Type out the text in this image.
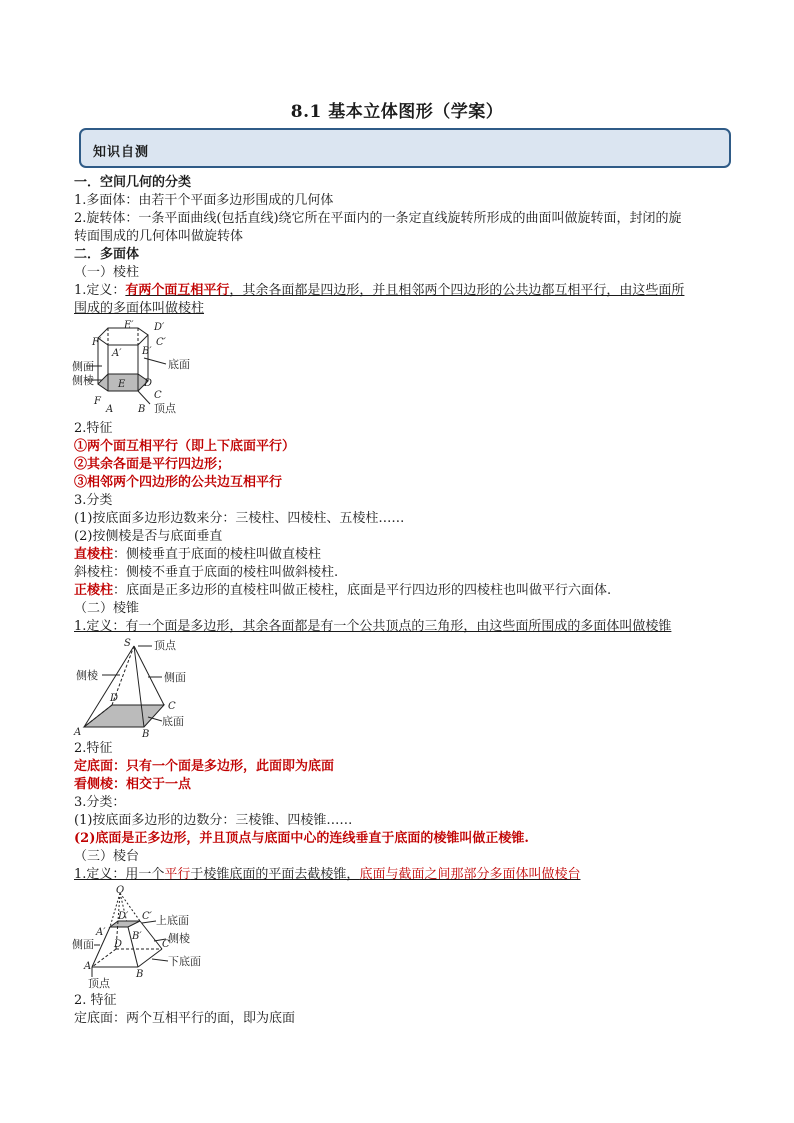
8.1 基本立体图形（学案）
知识自测
一．空间几何的分类
1.多面体：由若干个平面多边形围成的几何体
2.旋转体：一条平面曲线(包括直线)绕它所在平面内的一条定直线旋转所形成的曲面叫做旋转面，封闭的旋
转面围成的几何体叫做旋转体
二．多面体
（一）棱柱
1.定义：有两个面互相平行，其余各面都是四边形，并且相邻两个四边形的公共边都互相平行，由这些面所
围成的多面体叫做棱柱
E′ D′
F′
A′ B′
C′
E D
F
C
A B
侧面
侧棱
底面
顶点
2.特征
①两个面互相平行（即上下底面平行）
②其余各面是平行四边形；
③相邻两个四边形的公共边互相平行
3.分类
(1)按底面多边形边数来分：三棱柱、四棱柱、五棱柱……
(2)按侧棱是否与底面垂直
直棱柱：侧棱垂直于底面的棱柱叫做直棱柱
斜棱柱：侧棱不垂直于底面的棱柱叫做斜棱柱.
正棱柱：底面是正多边形的直棱柱叫做正棱柱，底面是平行四边形的四棱柱也叫做平行六面体.
（二）棱锥
1.定义：有一个面是多边形，其余各面都是有一个公共顶点的三角形，由这些面所围成的多面体叫做棱锥
S
D
C
A	B
顶点
侧棱	侧面
底面
2.特征
定底面：只有一个面是多边形，此面即为底面
看侧棱：相交于一点
3.分类：
(1)按底面多边形的边数分：三棱锥、四棱锥……
(2)底面是正多边形，并且顶点与底面中心的连线垂直于底面的棱锥叫做正棱锥.
（三）棱台
1.定义：用一个平行于棱锥底面的平面去截棱锥，底面与截面之间那部分多面体叫做棱台
O
D′ C′
A′	B′
D	C
A
B
上底面
侧棱
侧面
下底面
顶点
2. 特征
定底面：两个互相平行的面，即为底面
